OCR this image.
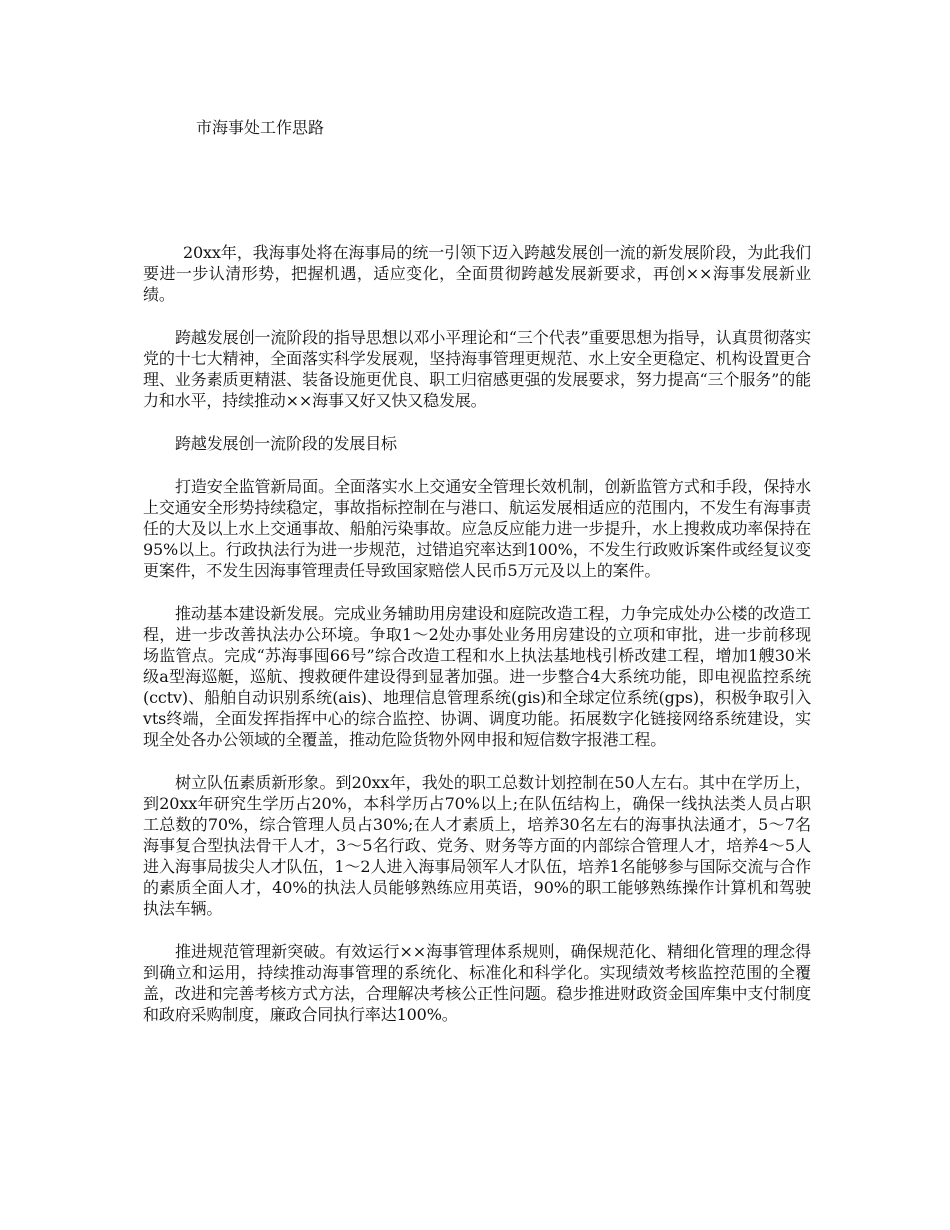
市海事处工作思路

20xx年，我海事处将在海事局的统一引领下迈入跨越发展创一流的新发展阶段，为此我们要进一步认清形势，把握机遇，适应变化，全面贯彻跨越发展新要求，再创××海事发展新业绩。

跨越发展创一流阶段的指导思想以邓小平理论和“三个代表”重要思想为指导，认真贯彻落实党的十七大精神，全面落实科学发展观，坚持海事管理更规范、水上安全更稳定、机构设置更合理、业务素质更精湛、装备设施更优良、职工归宿感更强的发展要求，努力提高“三个服务”的能力和水平，持续推动××海事又好又快又稳发展。

跨越发展创一流阶段的发展目标

打造安全监管新局面。全面落实水上交通安全管理长效机制，创新监管方式和手段，保持水上交通安全形势持续稳定，事故指标控制在与港口、航运发展相适应的范围内，不发生有海事责任的大及以上水上交通事故、船舶污染事故。应急反应能力进一步提升，水上搜救成功率保持在95%以上。行政执法行为进一步规范，过错追究率达到100%，不发生行政败诉案件或经复议变更案件，不发生因海事管理责任导致国家赔偿人民币5万元及以上的案件。

推动基本建设新发展。完成业务辅助用房建设和庭院改造工程，力争完成处办公楼的改造工程，进一步改善执法办公环境。争取1～2处办事处业务用房建设的立项和审批，进一步前移现场监管点。完成“苏海事囤66号”综合改造工程和水上执法基地栈引桥改建工程，增加1艘30米级a型海巡艇，巡航、搜救硬件建设得到显著加强。进一步整合4大系统功能，即电视监控系统(cctv)、船舶自动识别系统(ais)、地理信息管理系统(gis)和全球定位系统(gps)，积极争取引入vts终端，全面发挥指挥中心的综合监控、协调、调度功能。拓展数字化链接网络系统建设，实现全处各办公领域的全覆盖，推动危险货物外网申报和短信数字报港工程。

树立队伍素质新形象。到20xx年，我处的职工总数计划控制在50人左右。其中在学历上，到20xx年研究生学历占20%，本科学历占70%以上;在队伍结构上，确保一线执法类人员占职工总数的70%，综合管理人员占30%;在人才素质上，培养30名左右的海事执法通才，5～7名海事复合型执法骨干人才，3～5名行政、党务、财务等方面的内部综合管理人才，培养4～5人进入海事局拔尖人才队伍，1～2人进入海事局领军人才队伍，培养1名能够参与国际交流与合作的素质全面人才，40%的执法人员能够熟练应用英语，90%的职工能够熟练操作计算机和驾驶执法车辆。

推进规范管理新突破。有效运行××海事管理体系规则，确保规范化、精细化管理的理念得到确立和运用，持续推动海事管理的系统化、标准化和科学化。实现绩效考核监控范围的全覆盖，改进和完善考核方式方法，合理解决考核公正性问题。稳步推进财政资金国库集中支付制度和政府采购制度，廉政合同执行率达100%。
